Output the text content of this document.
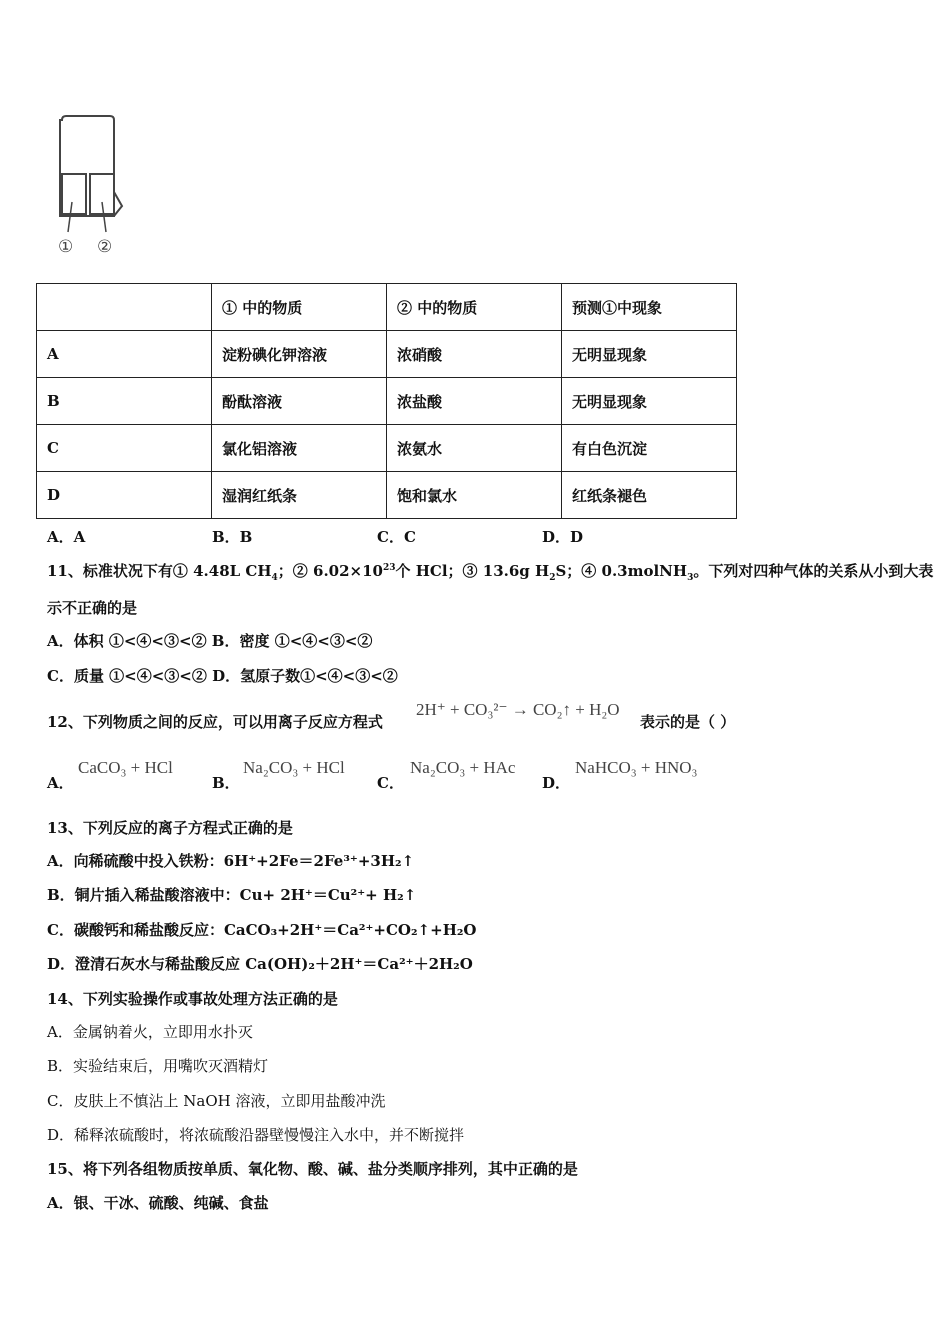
① ②
	① 中的物质	② 中的物质	预测①中现象
A	淀粉碘化钾溶液	浓硝酸	无明显现象
B	酚酞溶液	浓盐酸	无明显现象
C	氯化铝溶液	浓氨水	有白色沉淀
D	湿润红纸条	饱和氯水	红纸条褪色
A．A	B．B	C．C	D．D
11、标准状况下有① 4.48L $CH_4$；② $6.02\times 10^{23}$个 HCl；③ 13.6g $H_2S$；④ 0.3molNH$_3$。下列对四种气体的关系从小到大表
示不正确的是
A．体积 ①<④<③<② B．密度 ①<④<③<②
C．质量 ①<④<③<② D．氢原子数①<④<③<②
12、下列物质之间的反应，可以用离子反应方程式
2H⁺ + CO₃²⁻ → CO₂↑ + H₂O
表示的是（ ）
A．
CaCO₃ + HCl
B．
Na₂CO₃ + HCl
C．
Na₂CO₃ + HAc
D．
NaHCO₃ + HNO₃
13、下列反应的离子方程式正确的是
A．向稀硫酸中投入铁粉：6H⁺+2Fe＝2Fe³⁺+3H₂↑
B．铜片插入稀盐酸溶液中：Cu+ 2H⁺＝Cu²⁺+ H₂↑
C．碳酸钙和稀盐酸反应：CaCO₃+2H⁺＝Ca²⁺+CO₂↑+H₂O
D．澄清石灰水与稀盐酸反应 Ca(OH)₂＋2H⁺＝Ca²⁺＋2H₂O
14、下列实验操作或事故处理方法正确的是
A．金属钠着火，立即用水扑灭
B．实验结束后，用嘴吹灭酒精灯
C．皮肤上不慎沾上 NaOH 溶液，立即用盐酸冲洗
D．稀释浓硫酸时，将浓硫酸沿器壁慢慢注入水中，并不断搅拌
15、将下列各组物质按单质、氧化物、酸、碱、盐分类顺序排列，其中正确的是
A．银、干冰、硫酸、纯碱、食盐
